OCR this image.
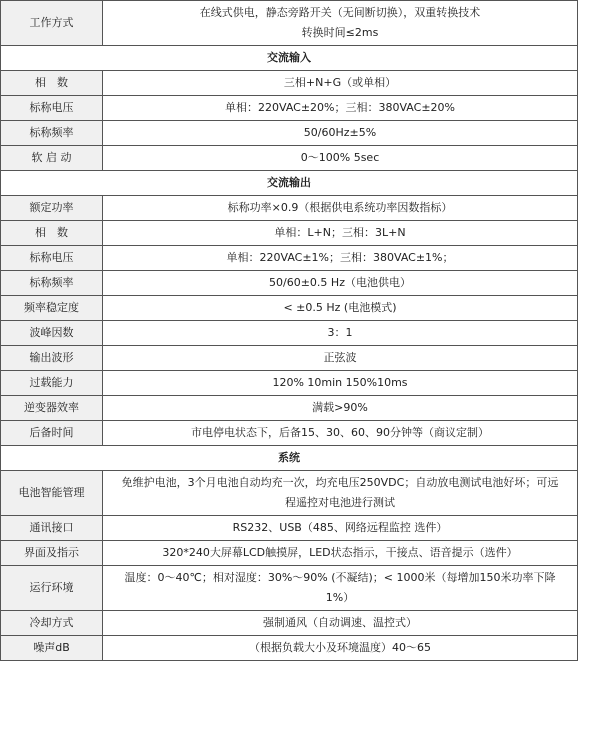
工作方式	在线式供电，静态旁路开关（无间断切换），双重转换技术
转换时间≤2ms
交流输入	
相　数	三相+N+G（或单相）
标称电压	单相：220VAC±20%；三相：380VAC±20%
标称频率	50/60Hz±5%
软 启 动	0～100% 5sec
交流输出	
额定功率	标称功率×0.9（根据供电系统功率因数指标）
相　数	单相：L+N；三相：3L+N
标称电压	单相：220VAC±1%；三相：380VAC±1%；
标称频率	50/60±0.5 Hz（电池供电）
频率稳定度	< ±0.5 Hz (电池模式)
波峰因数	3：1
输出波形	正弦波
过载能力	120% 10min 150%10ms
逆变器效率	满载>90%
后备时间	市电停电状态下，后备15、30、60、90分钟等（商议定制）
系统	
电池智能管理	免维护电池，3个月电池自动均充一次，均充电压250VDC；自动放电测试电池好坏；可远
程遥控对电池进行测试
通讯接口	RS232、USB（485、网络远程监控 选件）
界面及指示	320*240大屏幕LCD触摸屏，LED状态指示，干接点、语音提示（选件）
运行环境	温度：0～40℃；相对湿度：30%～90% (不凝结)；< 1000米（每增加150米功率下降
1%）
冷却方式	强制通风（自动调速、温控式）
噪声dB	（根据负载大小及环境温度）40～65
